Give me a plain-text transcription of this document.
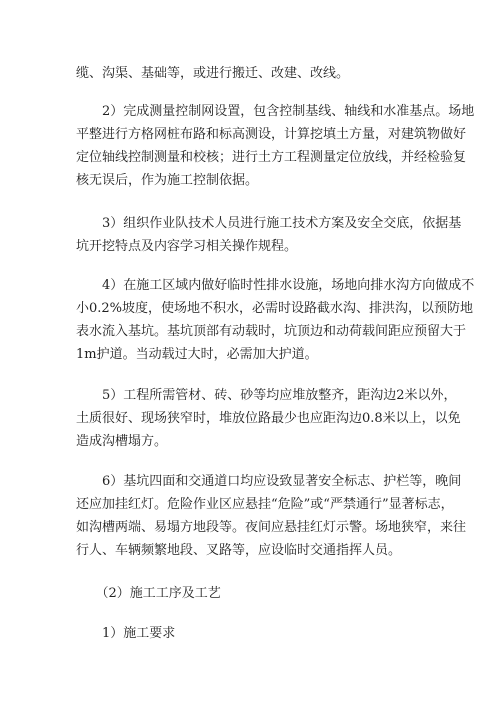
缆、沟渠、基础等，或进行搬迁、改建、改线。

　　2）完成测量控制网设置，包含控制基线、轴线和水准基点。场地
平整进行方格网桩布路和标高测设，计算挖填土方量，对建筑物做好
定位轴线控制测量和校核；进行土方工程测量定位放线，并经检验复
核无误后，作为施工控制依据。

　　3）组织作业队技术人员进行施工技术方案及安全交底，依据基
坑开挖特点及内容学习相关操作规程。

　　4）在施工区域内做好临时性排水设施，场地向排水沟方向做成不
小0.2%坡度，使场地不积水，必需时设路截水沟、排洪沟，以预防地
表水流入基坑。基坑顶部有动载时，坑顶边和动荷载间距应预留大于
1m护道。当动载过大时，必需加大护道。

　　5）工程所需管材、砖、砂等均应堆放整齐，距沟边2米以外，
土质很好、现场狭窄时，堆放位路最少也应距沟边0.8米以上，以免
造成沟槽塌方。

　　6）基坑四面和交通道口均应设致显著安全标志、护栏等，晚间
还应加挂红灯。危险作业区应悬挂“危险”或“严禁通行”显著标志，
如沟槽两端、易塌方地段等。夜间应悬挂红灯示警。场地狭窄，来往
行人、车辆频繁地段、叉路等，应设临时交通指挥人员。

　　（2）施工工序及工艺

　　1）施工要求
